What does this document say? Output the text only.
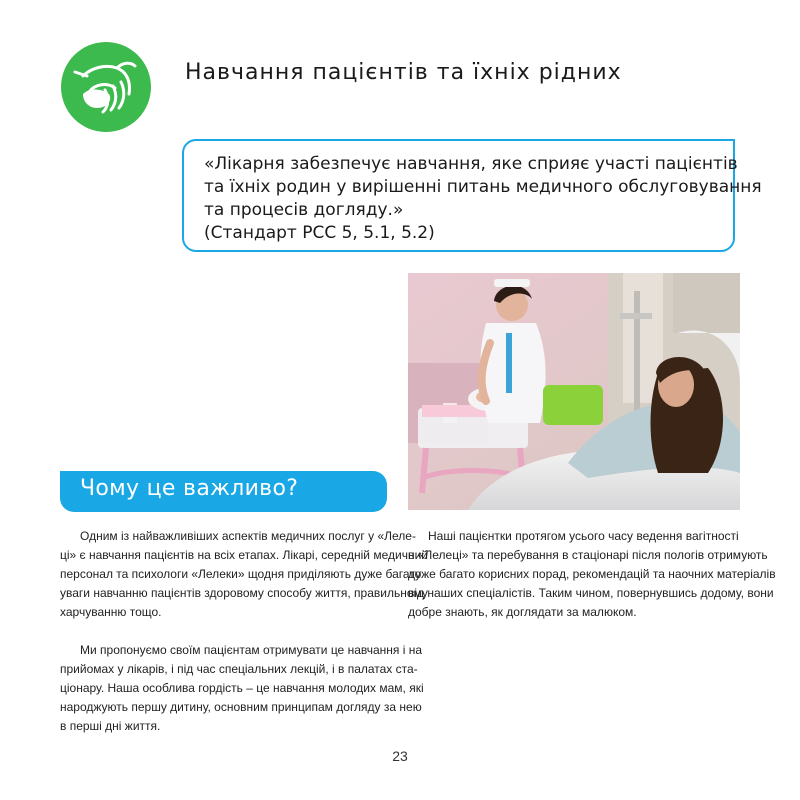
Навчання пацієнтів та їхніх рідних
«Лікарня забезпечує навчання, яке сприяє участі пацієнтів
та їхніх родин у вирішенні питань медичного обслуговування
та процесів догляду.»
(Стандарт PCC 5, 5.1, 5.2)
Чому це важливо?

Одним із найважливіших аспектів медичних послуг у «Леле-
ці» є навчання пацієнтів на всіх етапах. Лікарі, середній медичний
персонал та психологи «Лелеки» щодня приділяють дуже багато
уваги навчанню пацієнтів здоровому способу життя, правильному
харчуванню тощо.

Ми пропонуємо своїм пацієнтам отримувати це навчання і на
прийомах у лікарів, і під час спеціальних лекцій, і в палатах ста-
ціонару. Наша особлива гордість – це навчання молодих мам, які
народжують першу дитину, основним принципам догляду за нею
в перші дні життя.

Наші пацієнтки протягом усього часу ведення вагітності
в «Лелеці» та перебування в стаціонарі після пологів отримують
дуже багато корисних порад, рекомендацій та наочних матеріалів
від наших спеціалістів. Таким чином, повернувшись додому, вони
добре знають, як доглядати за малюком.

23
